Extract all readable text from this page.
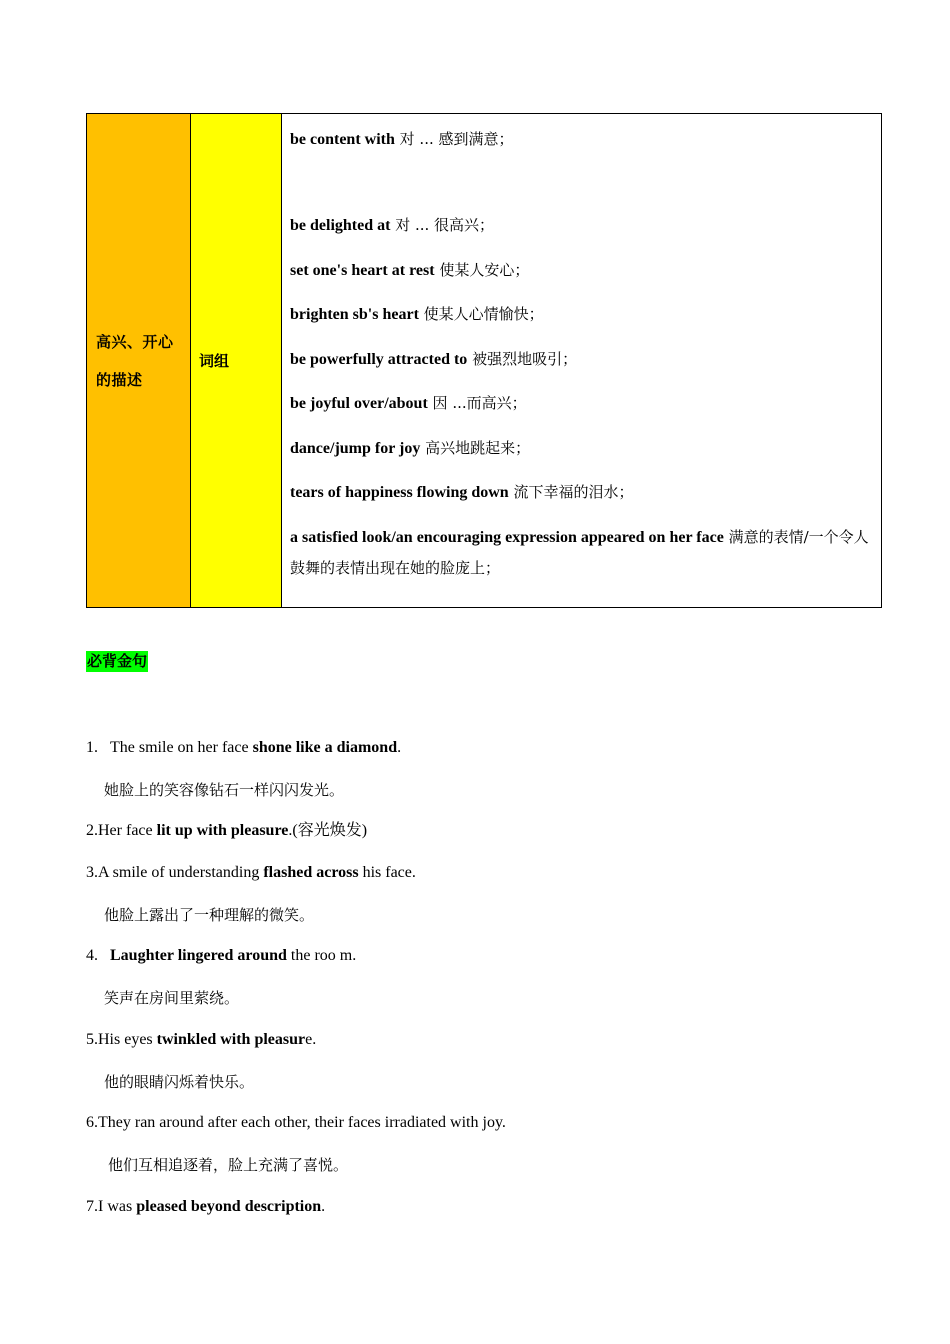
高兴、开心的描述

词组

be content with 对 ... 感到满意；
be delighted at 对 ... 很高兴；
set one's heart at rest 使某人安心；
brighten sb's heart 使某人心情愉快；
be powerfully attracted to 被强烈地吸引；
be joyful over/about 因 ...而高兴；
dance/jump for joy 高兴地跳起来；
tears of happiness flowing down 流下幸福的泪水；
a satisfied look/an encouraging expression appeared on her face 满意的表情/一个令人鼓舞的表情出现在她的脸庞上；
必背金句
1. The smile on her face shone like a diamond.
她脸上的笑容像钻石一样闪闪发光。
2.Her face lit up with pleasure.(容光焕发)
3.A smile of understanding flashed across his face.
他脸上露出了一种理解的微笑。
4. Laughter lingered around the roo m.
笑声在房间里萦绕。
5.His eyes twinkled with pleasure.
他的眼睛闪烁着快乐。
6.They ran around after each other, their faces irradiated with joy.
他们互相追逐着，脸上充满了喜悦。
7.I was pleased beyond description.
